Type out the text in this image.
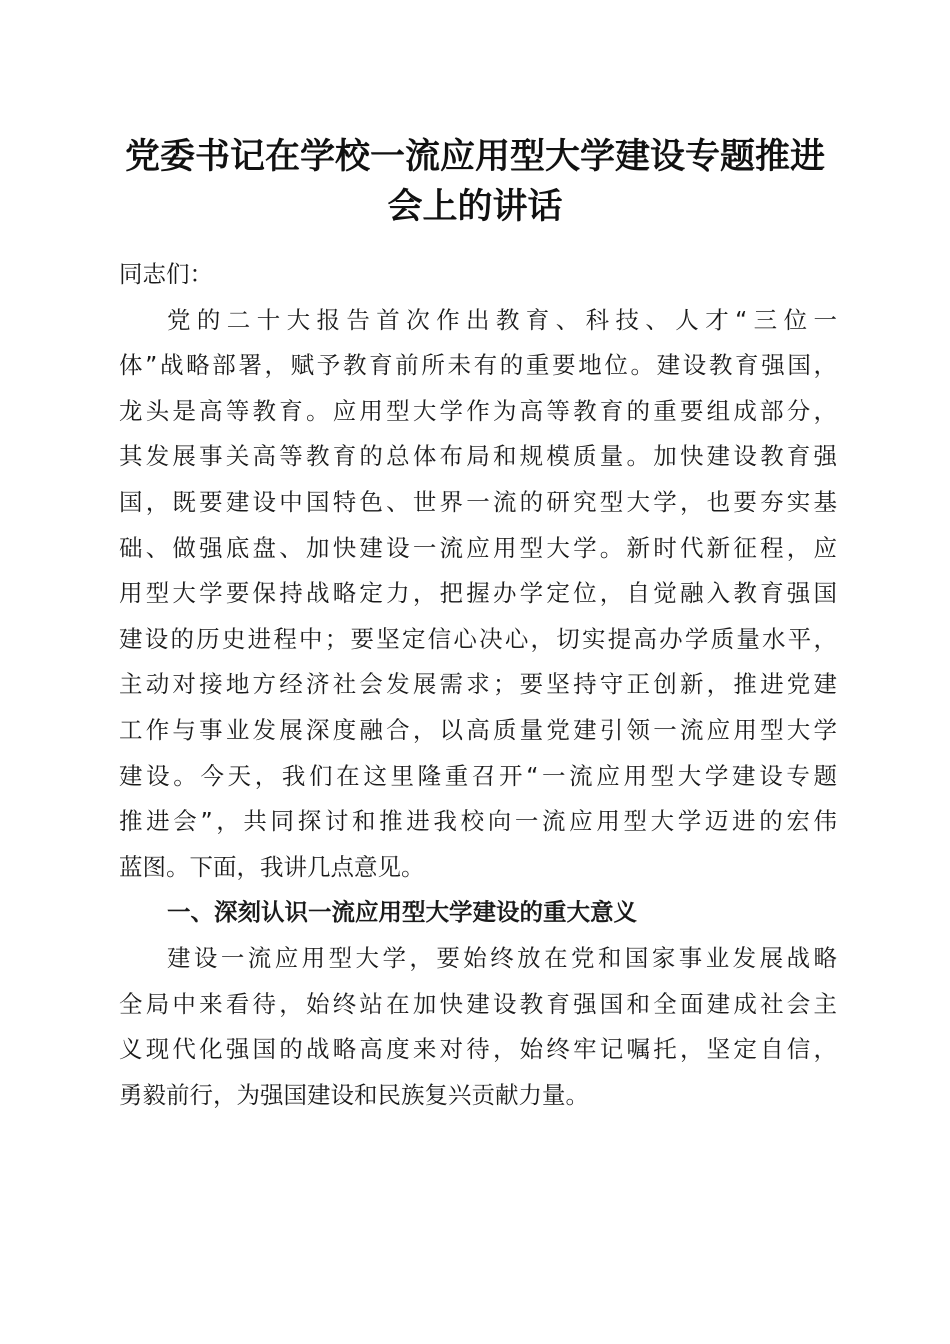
党委书记在学校一流应用型大学建设专题推进
会上的讲话
同志们：
党的二十大报告首次作出教育、科技、人才“三位一
体”战略部署，赋予教育前所未有的重要地位。建设教育强国，
龙头是高等教育。应用型大学作为高等教育的重要组成部分，
其发展事关高等教育的总体布局和规模质量。加快建设教育强
国，既要建设中国特色、世界一流的研究型大学，也要夯实基
础、做强底盘、加快建设一流应用型大学。新时代新征程，应
用型大学要保持战略定力，把握办学定位，自觉融入教育强国
建设的历史进程中；要坚定信心决心，切实提高办学质量水平，
主动对接地方经济社会发展需求；要坚持守正创新，推进党建
工作与事业发展深度融合，以高质量党建引领一流应用型大学
建设。今天，我们在这里隆重召开“一流应用型大学建设专题
推进会”，共同探讨和推进我校向一流应用型大学迈进的宏伟
蓝图。下面，我讲几点意见。
一、深刻认识一流应用型大学建设的重大意义
建设一流应用型大学，要始终放在党和国家事业发展战略
全局中来看待，始终站在加快建设教育强国和全面建成社会主
义现代化强国的战略高度来对待，始终牢记嘱托，坚定自信，
勇毅前行，为强国建设和民族复兴贡献力量。
